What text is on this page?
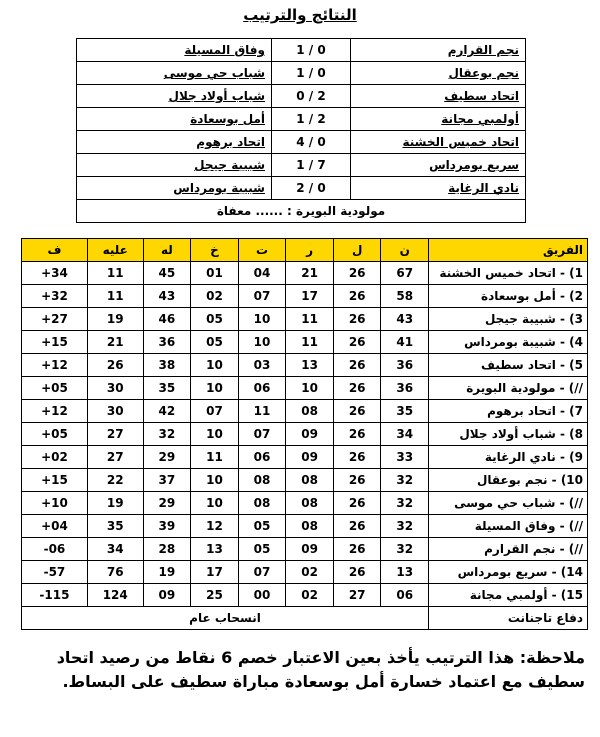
النتائج والترتيب
نجم القرارم	0 / 1	وفاق المسيلة
نجم بوعقال	0 / 1	شباب حي موسى
اتحاد سطيف	2 / 0	شباب أولاد جلال
أولمبي مجانة	2 / 1	أمل بوسعادة
اتحاد خميس الخشنة	0 / 4	اتحاد برهوم
سريع بومرداس	7 / 1	شبيبة جيجل
نادي الرغاية	0 / 2	شبيبة بومرداس
مولودية البويرة : ...... معفاة		
الفريق	ن	ل	ر	ت	خ	له	عليه	ف
1) - اتحاد خميس الخشنة	67	26	21	04	01	45	11	+34
2) - أمل بوسعادة	58	26	17	07	02	43	11	+32
3) - شبيبة جيجل	43	26	11	10	05	46	19	+27
4) - شبيبة بومرداس	41	26	11	10	05	36	21	+15
5) - اتحاد سطيف	36	26	13	03	10	38	26	+12
//) - مولودية البويرة	36	26	10	06	10	35	30	+05
7) - اتحاد برهوم	35	26	08	11	07	42	30	+12
8) - شباب أولاد جلال	34	26	09	07	10	32	27	+05
9) - نادي الرغاية	33	26	09	06	11	29	27	+02
10) - نجم بوعقال	32	26	08	08	10	37	22	+15
//) - شباب حي موسى	32	26	08	08	10	29	19	+10
//) - وفاق المسيلة	32	26	08	05	12	39	35	+04
//) - نجم القرارم	32	26	09	05	13	28	34	-06
14) - سريع بومرداس	13	26	02	07	17	19	76	-57
15) - أولمبي مجانة	06	27	02	00	25	09	124	-115
دفاع تاجنانت	انسحاب عام							
ملاحظة: هذا الترتيب يأخذ بعين الاعتبار خصم 6 نقاط من رصيد اتحاد سطيف مع اعتماد خسارة أمل بوسعادة مباراة سطيف على البساط.
